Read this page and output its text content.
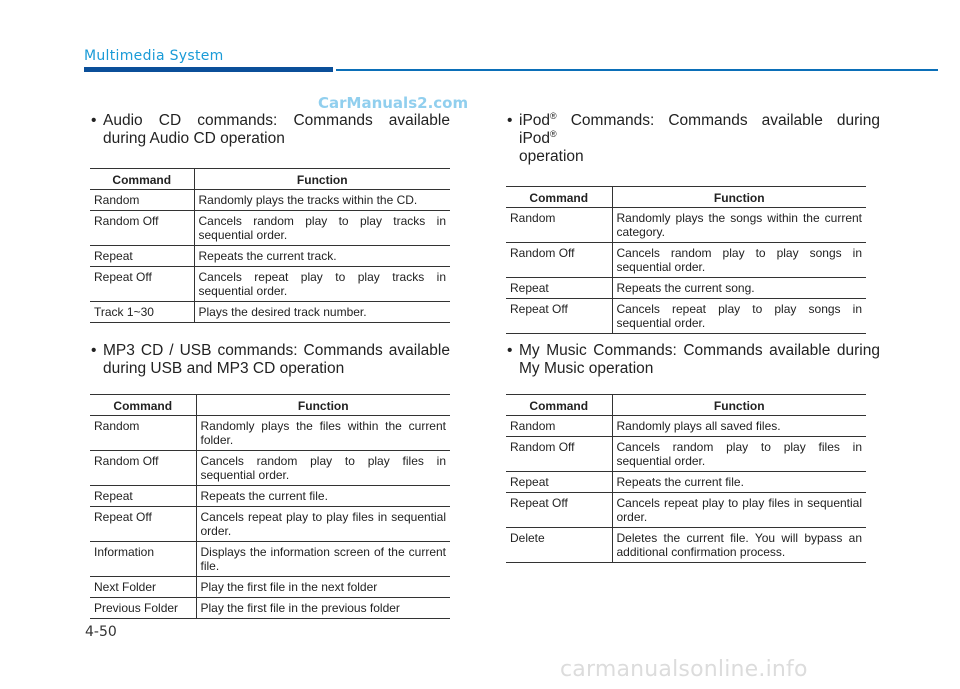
Multimedia System
CarManuals2.com
• Audio CD commands: Commands available during Audio CD operation
Command	Function
Random	Randomly plays the tracks within the CD.
Random Off	Cancels random play to play tracks in sequential order.
Repeat	Repeats the current track.
Repeat Off	Cancels repeat play to play tracks in sequential order.
Track 1~30	Plays the desired track number.
• MP3 CD / USB commands: Commands available during USB and MP3 CD operation
Command	Function
Random	Randomly plays the files within the current folder.
Random Off	Cancels random play to play files in sequential order.
Repeat	Repeats the current file.
Repeat Off	Cancels repeat play to play files in sequential order.
Information	Displays the information screen of the current file.
Next Folder	Play the first file in the next folder
Previous Folder	Play the first file in the previous folder
• iPod® Commands: Commands available during iPod®
operation
Command	Function
Random	Randomly plays the songs within the current category.
Random Off	Cancels random play to play songs in sequential order.
Repeat	Repeats the current song.
Repeat Off	Cancels repeat play to play songs in sequential order.
• My Music Commands: Commands available during My Music operation
Command	Function
Random	Randomly plays all saved files.
Random Off	Cancels random play to play files in sequential order.
Repeat	Repeats the current file.
Repeat Off	Cancels repeat play to play files in sequential order.
Delete	Deletes the current file. You will bypass an additional confirmation process.
4-50
carmanualsonline.info
